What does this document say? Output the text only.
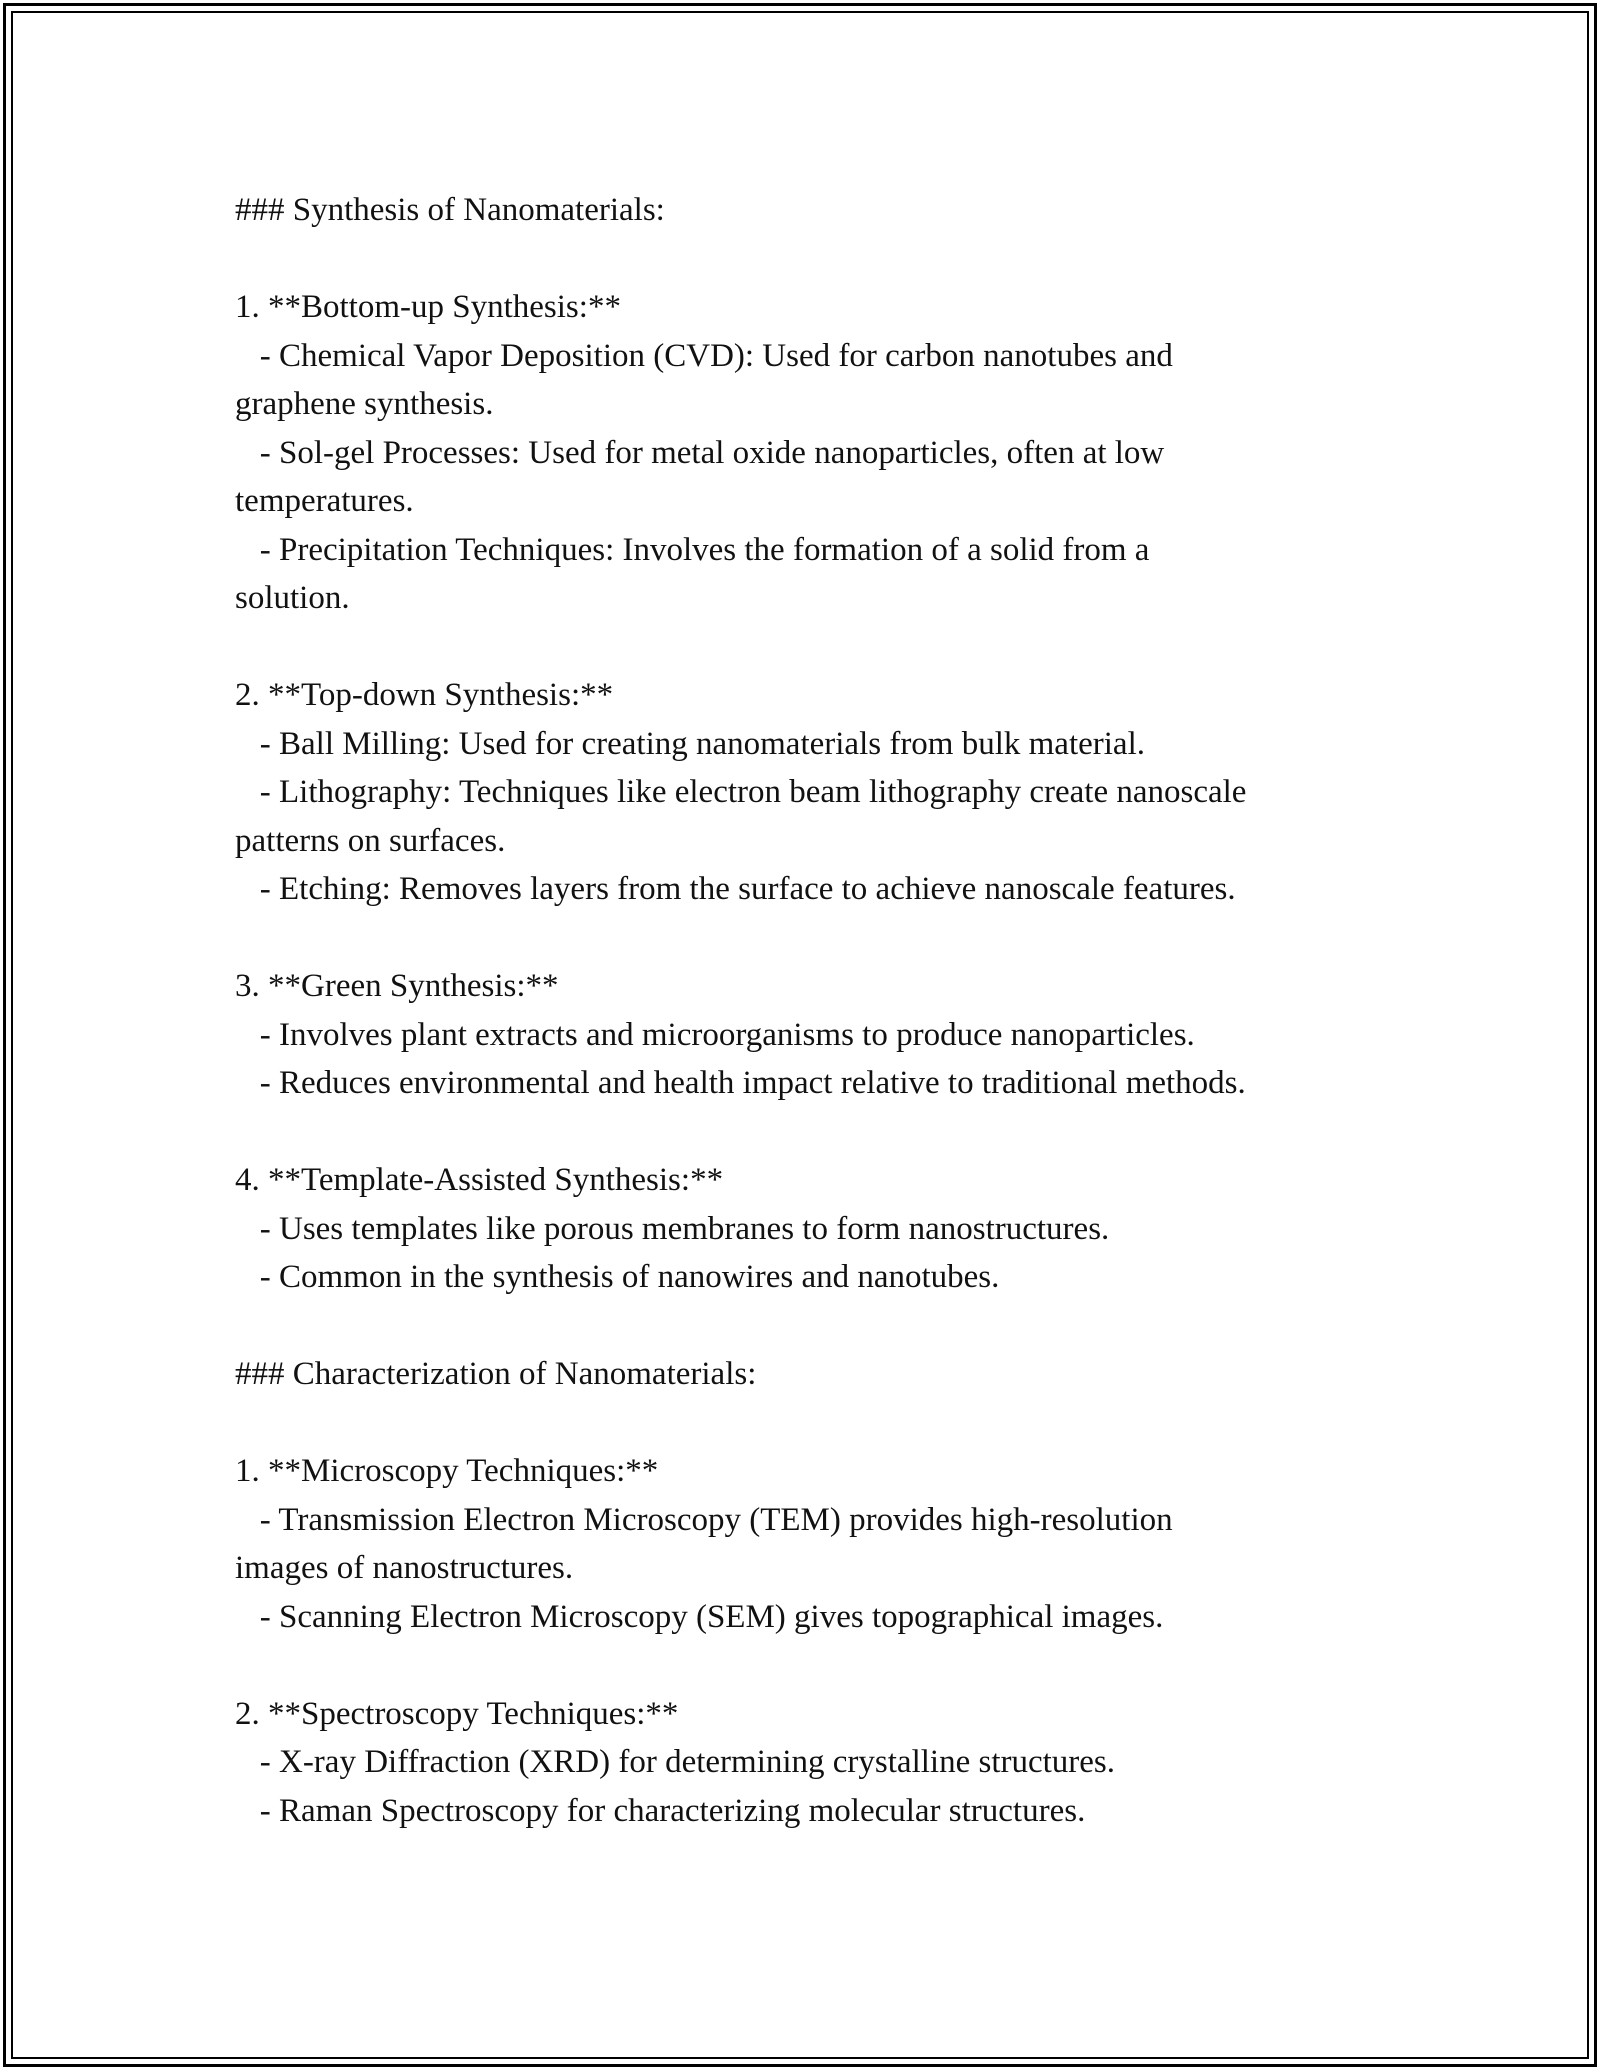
### Synthesis of Nanomaterials:

1. **Bottom-up Synthesis:**

- Chemical Vapor Deposition (CVD): Used for carbon nanotubes and

graphene synthesis.

- Sol-gel Processes: Used for metal oxide nanoparticles, often at low

temperatures.

- Precipitation Techniques: Involves the formation of a solid from a

solution.

2. **Top-down Synthesis:**

- Ball Milling: Used for creating nanomaterials from bulk material.

- Lithography: Techniques like electron beam lithography create nanoscale

patterns on surfaces.

- Etching: Removes layers from the surface to achieve nanoscale features.

3. **Green Synthesis:**

- Involves plant extracts and microorganisms to produce nanoparticles.

- Reduces environmental and health impact relative to traditional methods.

4. **Template-Assisted Synthesis:**

- Uses templates like porous membranes to form nanostructures.

- Common in the synthesis of nanowires and nanotubes.

### Characterization of Nanomaterials:

1. **Microscopy Techniques:**

- Transmission Electron Microscopy (TEM) provides high-resolution

images of nanostructures.

- Scanning Electron Microscopy (SEM) gives topographical images.

2. **Spectroscopy Techniques:**

- X-ray Diffraction (XRD) for determining crystalline structures.

- Raman Spectroscopy for characterizing molecular structures.
